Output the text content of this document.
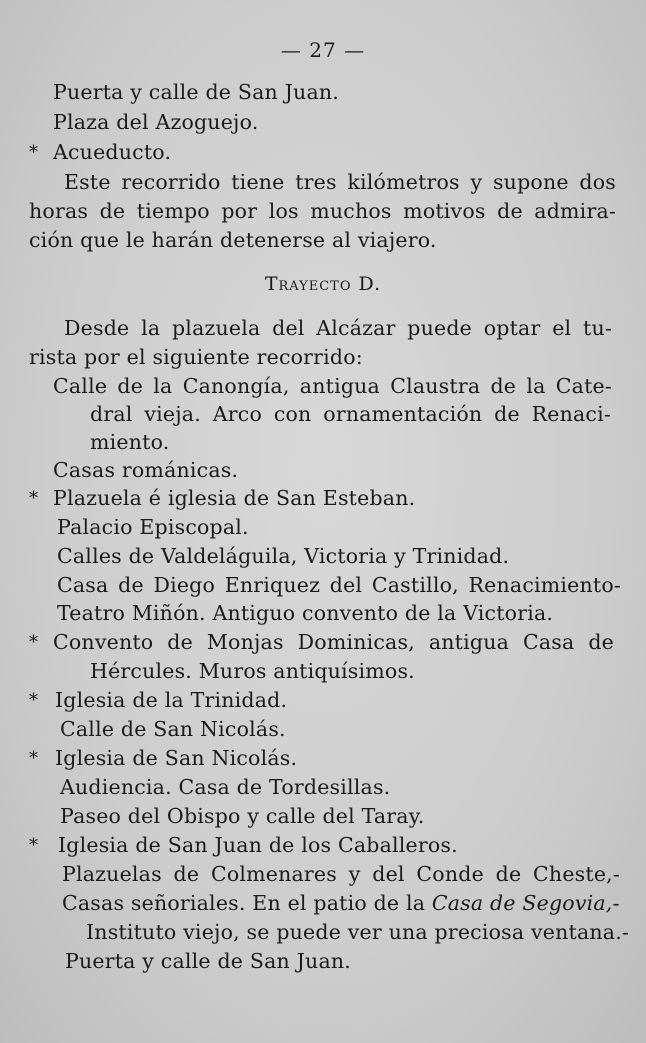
— 27 —
Puerta y calle de San Juan.
Plaza del Azoguejo.
* Acueducto.
Este recorrido tiene tres kilómetros y supone dos
horas de tiempo por los muchos motivos de admira-
ción que le harán detenerse al viajero.
Trayecto D.
Desde la plazuela del Alcázar puede optar el tu-
rista por el siguiente recorrido:
Calle de la Canongía, antigua Claustra de la Cate-
dral vieja. Arco con ornamentación de Renaci-
miento.
Casas románicas.
* Plazuela é iglesia de San Esteban.
Palacio Episcopal.
Calles de Valdeláguila, Victoria y Trinidad.
Casa de Diego Enriquez del Castillo, Renacimiento-
Teatro Miñón. Antiguo convento de la Victoria.
* Convento de Monjas Dominicas, antigua Casa de
Hércules. Muros antiquísimos.
* Iglesia de la Trinidad.
Calle de San Nicolás.
* Iglesia de San Nicolás.
Audiencia. Casa de Tordesillas.
Paseo del Obispo y calle del Taray.
* Iglesia de San Juan de los Caballeros.
Plazuelas de Colmenares y del Conde de Cheste,-
Casas señoriales. En el patio de la Casa de Segovia,-
Instituto viejo, se puede ver una preciosa ventana.-
Puerta y calle de San Juan.
